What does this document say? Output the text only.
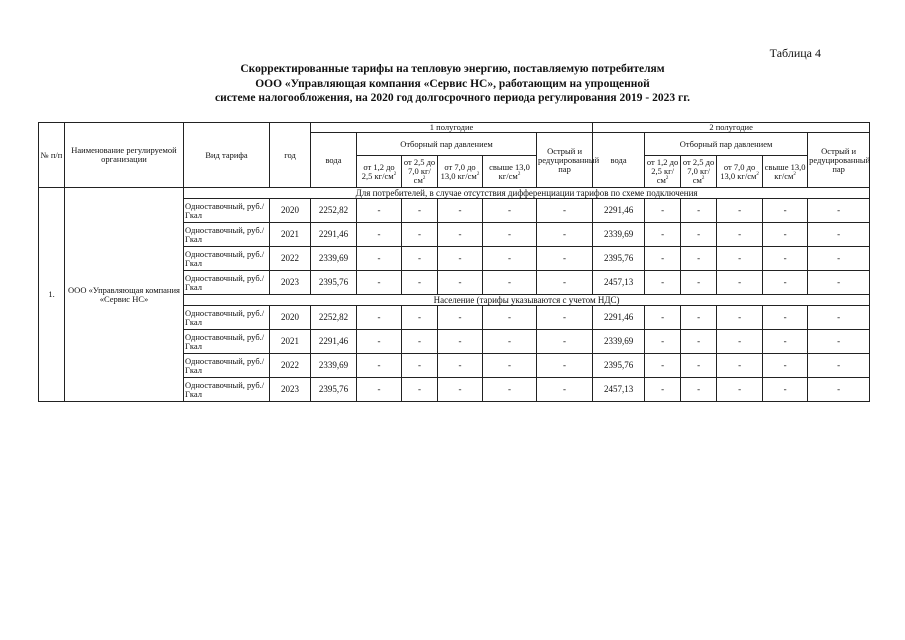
Таблица 4
Скорректированные тарифы на тепловую энергию, поставляемую потребителям
ООО «Управляющая компания «Сервис НС», работающим на упрощенной
системе налогообложения, на 2020 год долгосрочного периода регулирования 2019 - 2023 гг.
№ п/п	Наименование регулируемой организации	Вид тарифа	год	1 полугодие						2 полугодие					
				вода	Отборный пар давлением				Острый и редуцированный пар	вода	Отборный пар давлением				Острый и редуцированный пар
					от 1,2 до 2,5 $кг/см^2$	от 2,5 до 7,0 $кг/см^2$	от 7,0 до 13,0 $кг/см^2$	свыше 13,0 $кг/см^2$			от 1,2 до 2,5 $кг/см^2$	от 2,5 до 7,0 $кг/см^2$	от 7,0 до 13,0 $кг/см^2$	свыше 13,0 $кг/см^2$
1.	ООО «Управляющая компания «Сервис НС»	Для потребителей, в случае отсутствия дифференциации тарифов по схеме подключения													
		Одноставочный, руб./Гкал	2020	2252,82	-	-	-	-	-	2291,46	-	-	-	-	-
		Одноставочный, руб./Гкал	2021	2291,46	-	-	-	-	-	2339,69	-	-	-	-	-
		Одноставочный, руб./Гкал	2022	2339,69	-	-	-	-	-	2395,76	-	-	-	-	-
		Одноставочный, руб./Гкал	2023	2395,76	-	-	-	-	-	2457,13	-	-	-	-	-
		Население (тарифы указываются с учетом НДС)													
		Одноставочный, руб./Гкал	2020	2252,82	-	-	-	-	-	2291,46	-	-	-	-	-
		Одноставочный, руб./Гкал	2021	2291,46	-	-	-	-	-	2339,69	-	-	-	-	-
		Одноставочный, руб./Гкал	2022	2339,69	-	-	-	-	-	2395,76	-	-	-	-	-
		Одноставочный, руб./Гкал	2023	2395,76	-	-	-	-	-	2457,13	-	-	-	-	-
